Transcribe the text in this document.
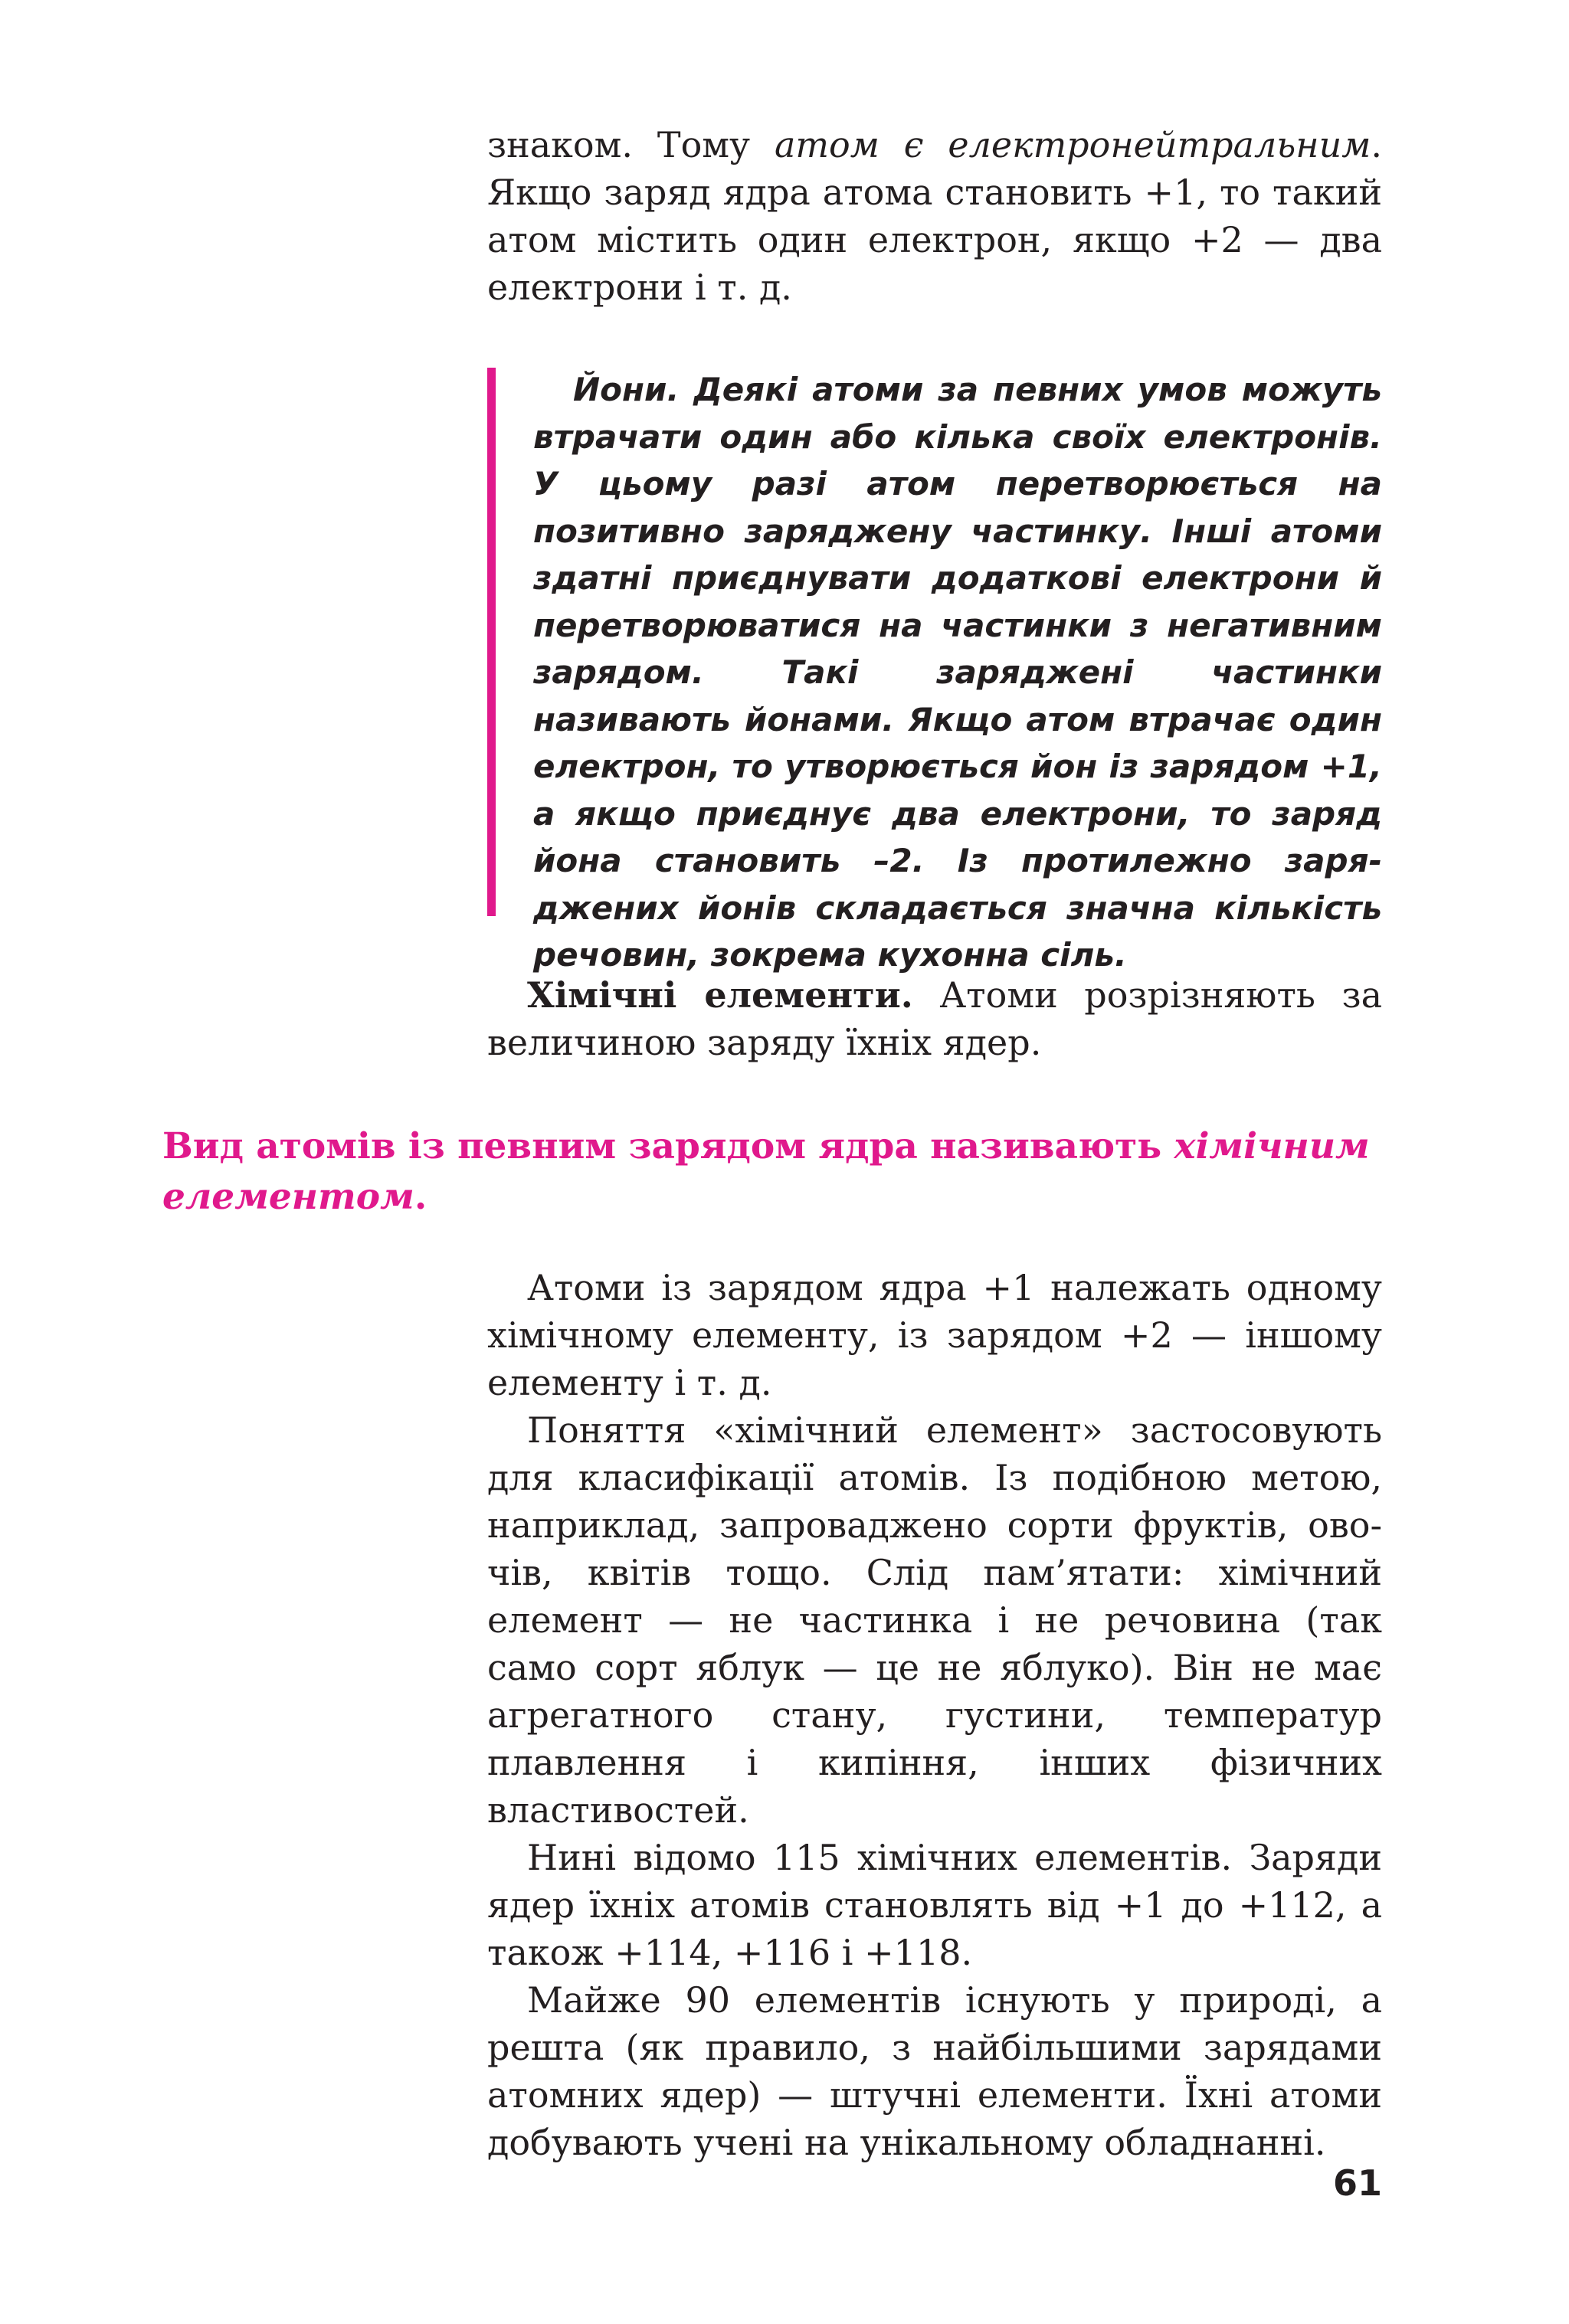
знаком. Тому атом є електронейтральним. Якщо заряд ядра атома становить +1, то такий атом містить один електрон, якщо +2 — два електрони і т. д.

Йони. Деякі атоми за певних умов можуть втрачати один або кілька своїх електронів. У цьому разі атом перетворюється на позитивно заряджену частинку. Інші атоми здатні приєднувати додаткові електрони й перетворюватися на частинки з негативним зарядом. Такі заряджені частинки називають йонами. Якщо атом втрачає один електрон, то утворюється йон із зарядом +1, а якщо приєднує два електрони, то заряд йона становить –2. Із протилежно заряджених йонів складається значна кількість речовин, зокрема кухонна сіль.

Хімічні елементи. Атоми розрізняють за величиною заряду їхніх ядер.

Вид атомів із певним зарядом ядра називають хімічним елементом.

Атоми із зарядом ядра +1 належать одному хімічному елементу, із зарядом +2 — іншому елементу і т. д.

Поняття «хімічний елемент» застосовують для класифікації атомів. Із подібною метою, наприклад, запроваджено сорти фруктів, овочів, квітів тощо. Слід пам’ятати: хімічний елемент — не частинка і не речовина (так само сорт яблук — це не яблуко). Він не має агрегатного стану, густини, температур плавлення і кипіння, інших фізичних властивостей.

Нині відомо 115 хімічних елементів. Заряди ядер їхніх атомів становлять від +1 до +112, а також +114, +116 і +118.

Майже 90 елементів існують у природі, а решта (як правило, з найбільшими зарядами атомних ядер) — штучні елементи. Їхні атоми добувають учені на унікальному обладнанні.

61
